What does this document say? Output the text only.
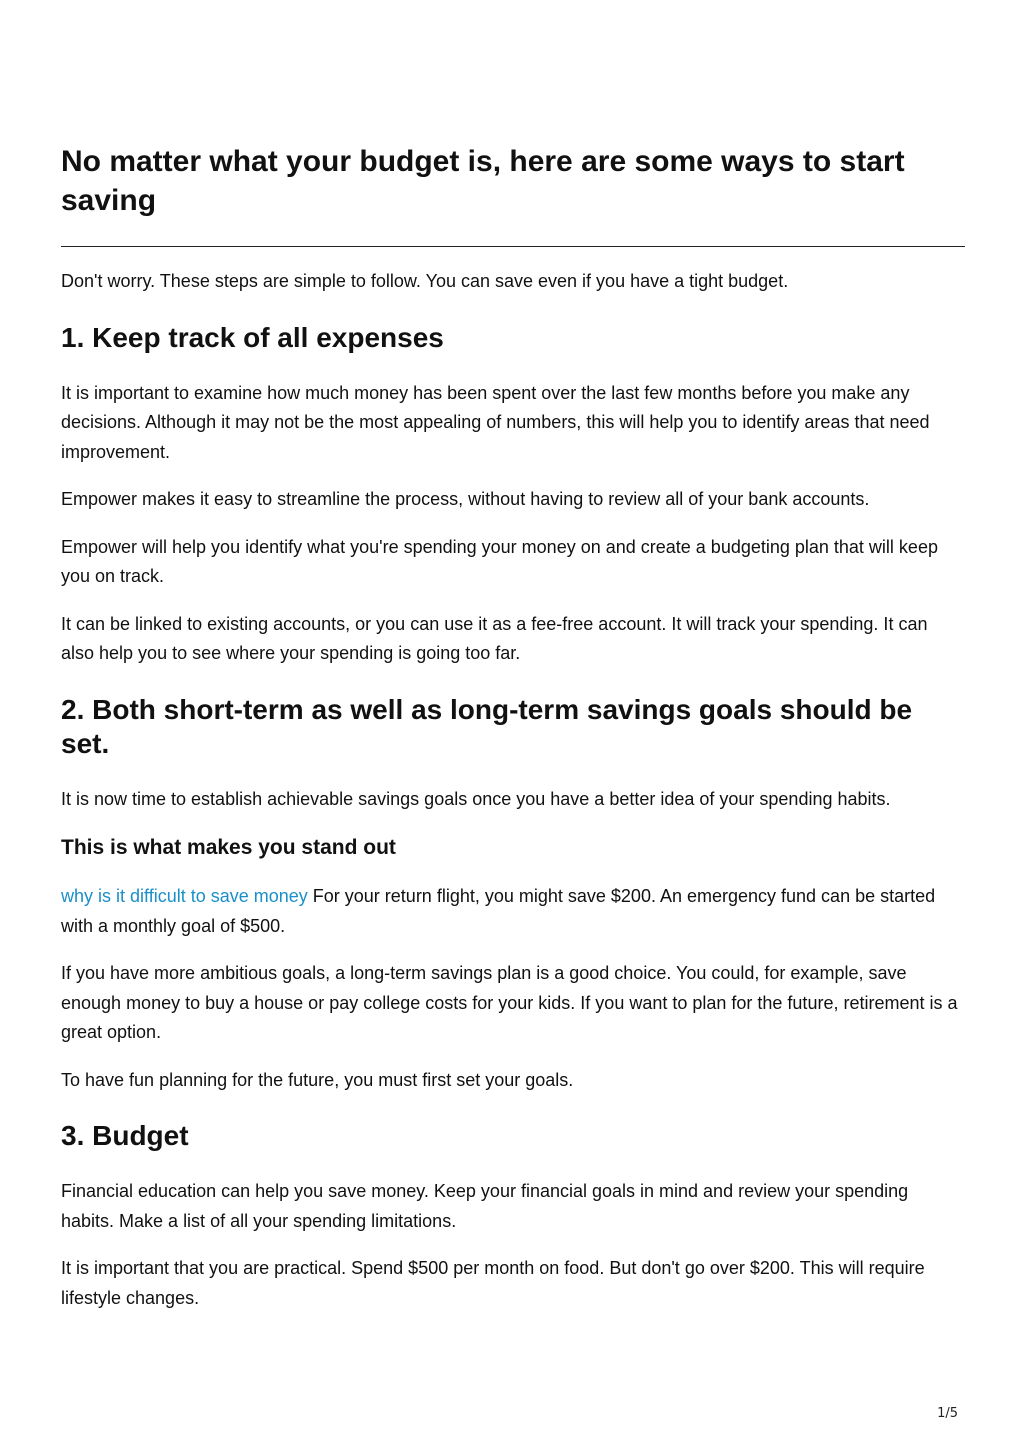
No matter what your budget is, here are some ways to start saving

Don't worry. These steps are simple to follow. You can save even if you have a tight budget.

1. Keep track of all expenses

It is important to examine how much money has been spent over the last few months before you make any decisions. Although it may not be the most appealing of numbers, this will help you to identify areas that need improvement.

Empower makes it easy to streamline the process, without having to review all of your bank accounts.

Empower will help you identify what you're spending your money on and create a budgeting plan that will keep you on track.

It can be linked to existing accounts, or you can use it as a fee-free account. It will track your spending. It can also help you to see where your spending is going too far.

2. Both short-term as well as long-term savings goals should be set.

It is now time to establish achievable savings goals once you have a better idea of your spending habits.

This is what makes you stand out

why is it difficult to save money For your return flight, you might save $200. An emergency fund can be started with a monthly goal of $500.

If you have more ambitious goals, a long-term savings plan is a good choice. You could, for example, save enough money to buy a house or pay college costs for your kids. If you want to plan for the future, retirement is a great option.

To have fun planning for the future, you must first set your goals.

3. Budget

Financial education can help you save money. Keep your financial goals in mind and review your spending habits. Make a list of all your spending limitations.

It is important that you are practical. Spend $500 per month on food. But don't go over $200. This will require lifestyle changes.

1/5
